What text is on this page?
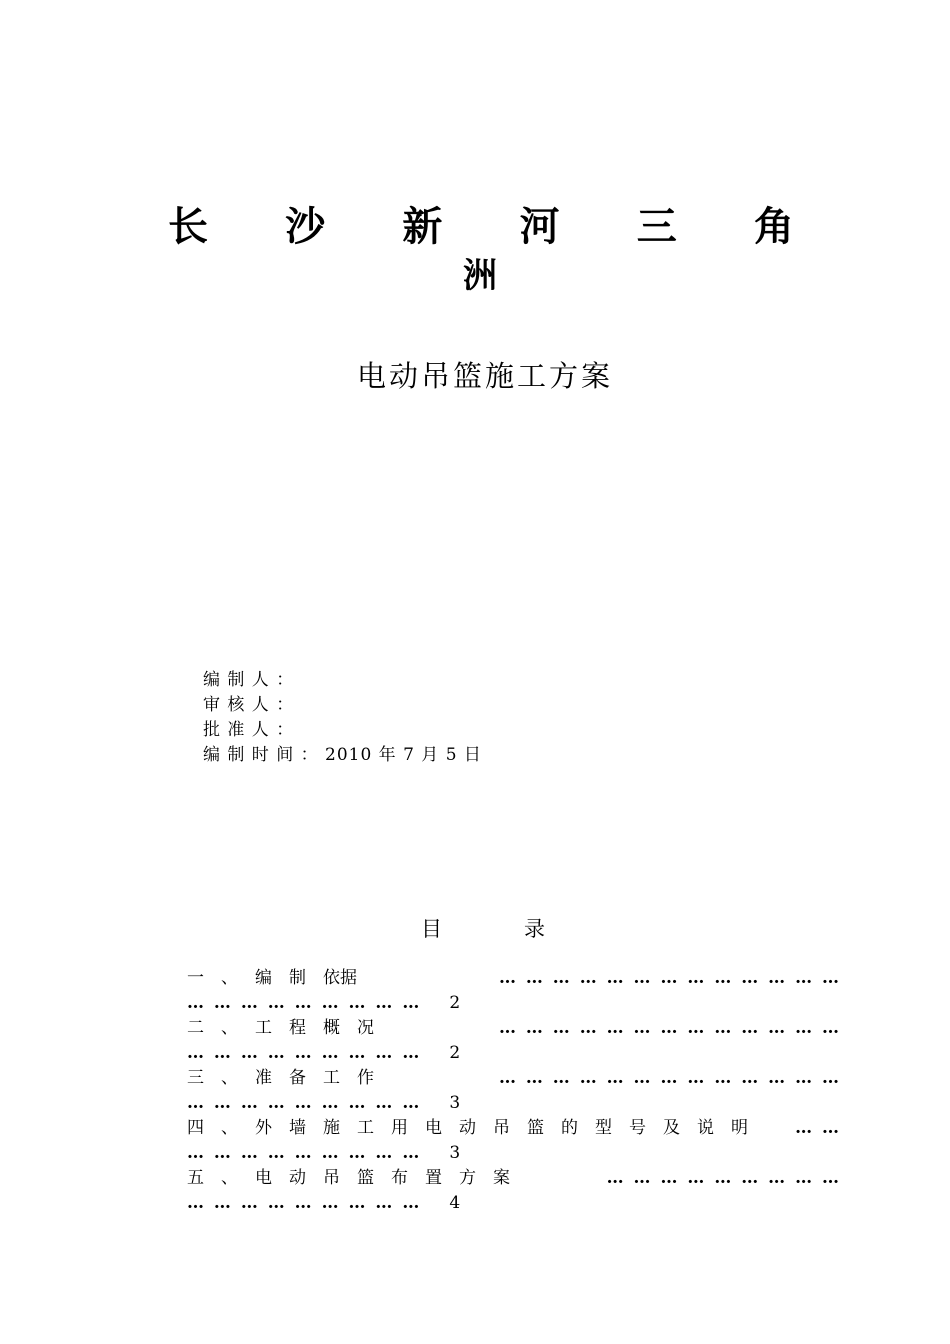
长 沙 新 河 三 角
洲
电动吊篮施工方案
编 制 人 ：
审 核 人 ：
批 准 人 ：
编 制 时 间 ： 2010 年 7 月 5 日
目	录
一	、	编	制	依据	… … … … … … … … … … … … …
… … … … … … … … … 2
二	、	工	程	概	况	… … … … … … … … … … … … …
… … … … … … … … … 2
三	、	准	备	工	作	… … … … … … … … … … … … …
… … … … … … … … … 3
四	、	外	墙	施	工	用	电	动	吊	篮	的	型	号	及	说	明	… …
… … … … … … … … … 3
五	、	电	动	吊	篮	布	置	方	案	… … … … … … … … …
… … … … … … … … … 4
